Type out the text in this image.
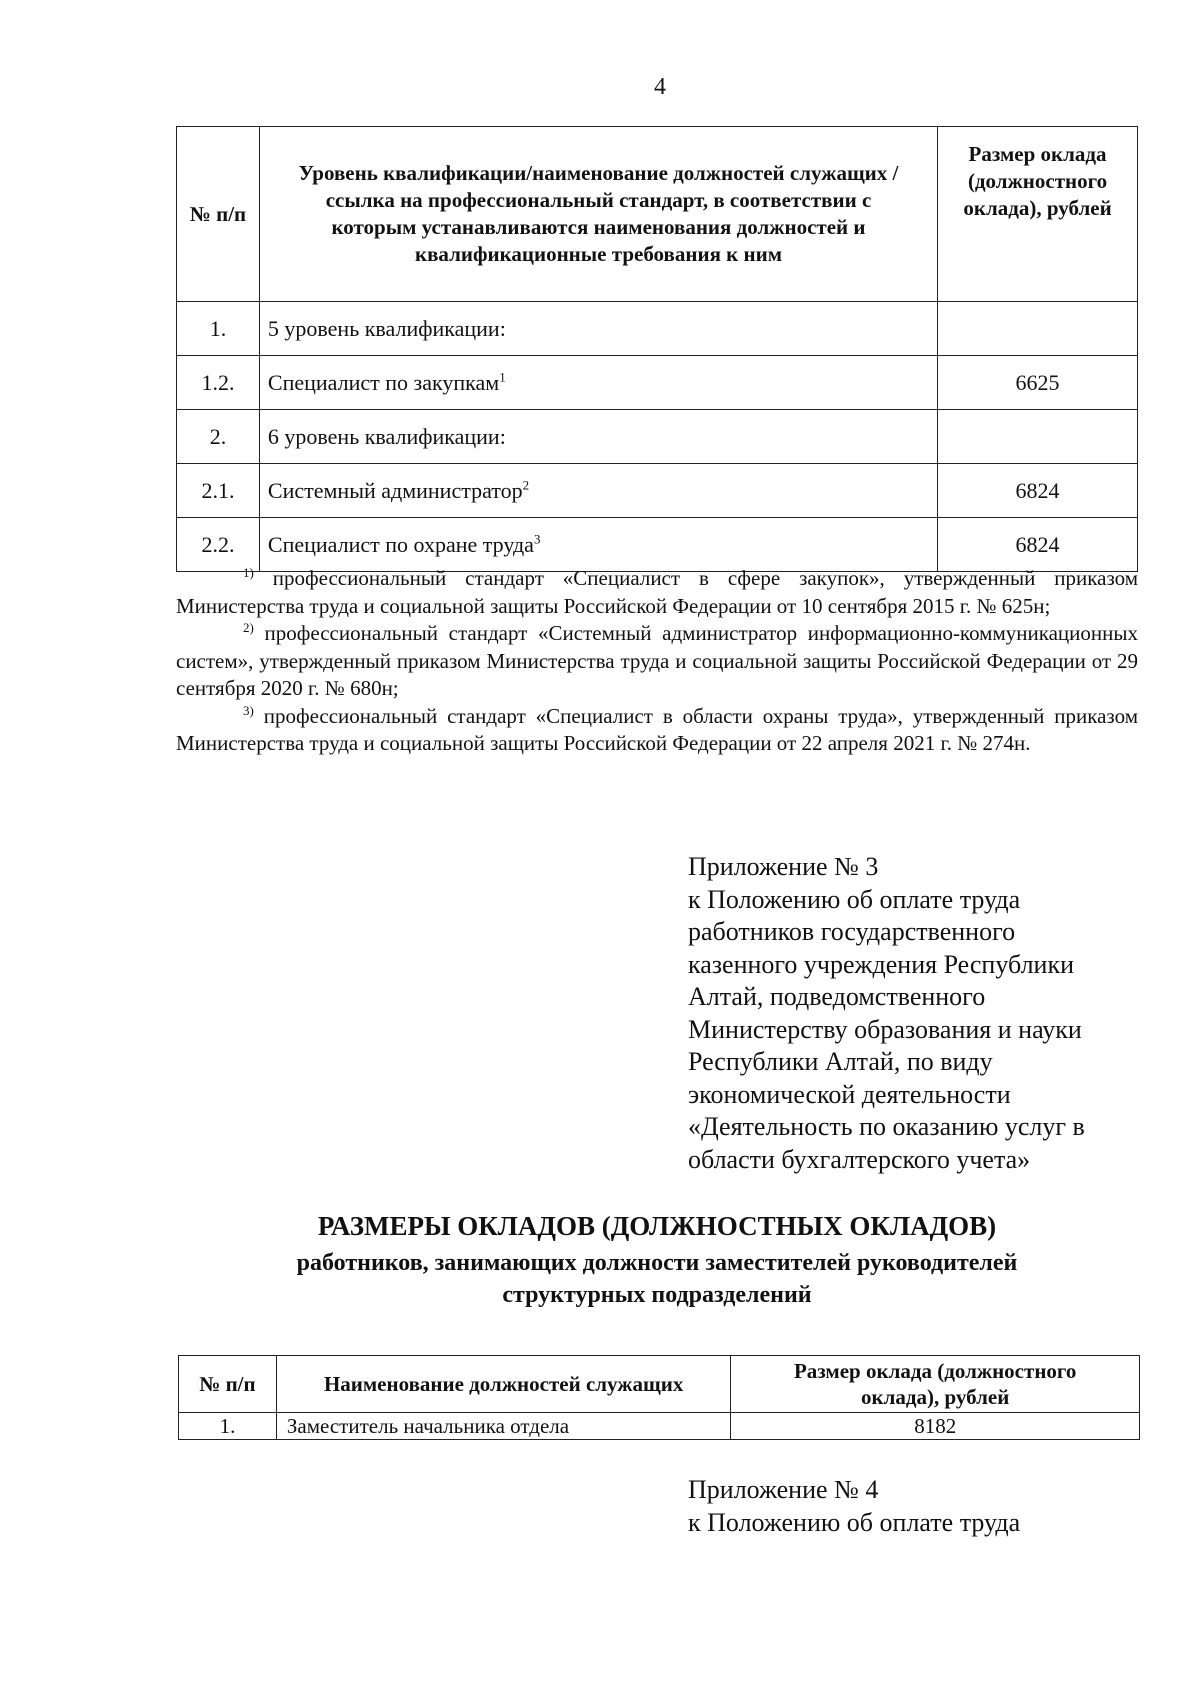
4
№ п/п	Уровень квалификации/наименование должностей служащих / ссылка на профессиональный стандарт, в соответствии с которым устанавливаются наименования должностей и квалификационные требования к ним	Размер оклада (должностного оклада), рублей
1.	5 уровень квалификации:	
1.2.	Специалист по закупкам$^1$	6625
2.	6 уровень квалификации:	
2.1.	Системный администратор$^2$	6824
2.2.	Специалист по охране труда$^3$	6824

$^{1)}$ профессиональный стандарт «Специалист в сфере закупок», утвержденный приказом Министерства труда и социальной защиты Российской Федерации от 10 сентября 2015 г. № 625н;

$^{2)}$ профессиональный стандарт «Системный администратор информационно-коммуникационных систем», утвержденный приказом Министерства труда и социальной защиты Российской Федерации от 29 сентября 2020 г. № 680н;

$^{3)}$ профессиональный стандарт «Специалист в области охраны труда», утвержденный приказом Министерства труда и социальной защиты Российской Федерации от 22 апреля 2021 г. № 274н.

Приложение № 3
к Положению об оплате труда
работников государственного
казенного учреждения Республики
Алтай, подведомственного
Министерству образования и науки
Республики Алтай, по виду
экономической деятельности
«Деятельность по оказанию услуг в
области бухгалтерского учета»
РАЗМЕРЫ ОКЛАДОВ (ДОЛЖНОСТНЫХ ОКЛАДОВ)
работников, занимающих должности заместителей руководителей
структурных подразделений
№ п/п	Наименование должностей служащих	Размер оклада (должностного
оклада), рублей

1.	Заместитель начальника отдела	8182
Приложение № 4
к Положению об оплате труда
